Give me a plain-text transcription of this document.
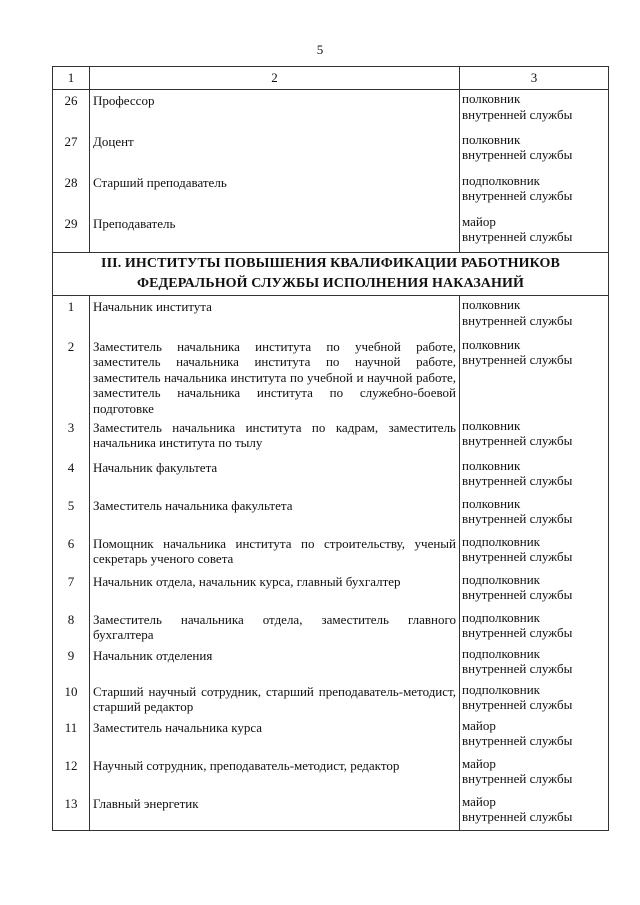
5
1	2	3
26	Профессор	полковник
внутренней службы

27	Доцент	полковник
внутренней службы

28	Старший преподаватель	подполковник
внутренней службы

29	Преподаватель	майор
внутренней службы

III. ИНСТИТУТЫ ПОВЫШЕНИЯ КВАЛИФИКАЦИИ РАБОТНИКОВ
ФЕДЕРАЛЬНОЙ СЛУЖБЫ ИСПОЛНЕНИЯ НАКАЗАНИЙ		

1	Начальник института	полковник
внутренней службы

2	Заместитель начальника института по учебной работе, заместитель начальника института по научной работе, заместитель начальника института по учебной и научной работе, заместитель начальника института по служебно-боевой подготовке	полковник
внутренней службы

3	Заместитель начальника института по кадрам, заместитель начальника института по тылу	полковник
внутренней службы

4	Начальник факультета	полковник
внутренней службы

5	Заместитель начальника факультета	полковник
внутренней службы

6	Помощник начальника института по строительству, ученый секретарь ученого совета	подполковник
внутренней службы

7	Начальник отдела, начальник курса, главный бухгалтер	подполковник
внутренней службы

8	Заместитель начальника отдела, заместитель главного бухгалтера	подполковник
внутренней службы

9	Начальник отделения	подполковник
внутренней службы

10	Старший научный сотрудник, старший преподаватель-методист, старший редактор	подполковник
внутренней службы

11	Заместитель начальника курса	майор
внутренней службы

12	Научный сотрудник, преподаватель-методист, редактор	майор
внутренней службы

13	Главный энергетик	майор
внутренней службы
